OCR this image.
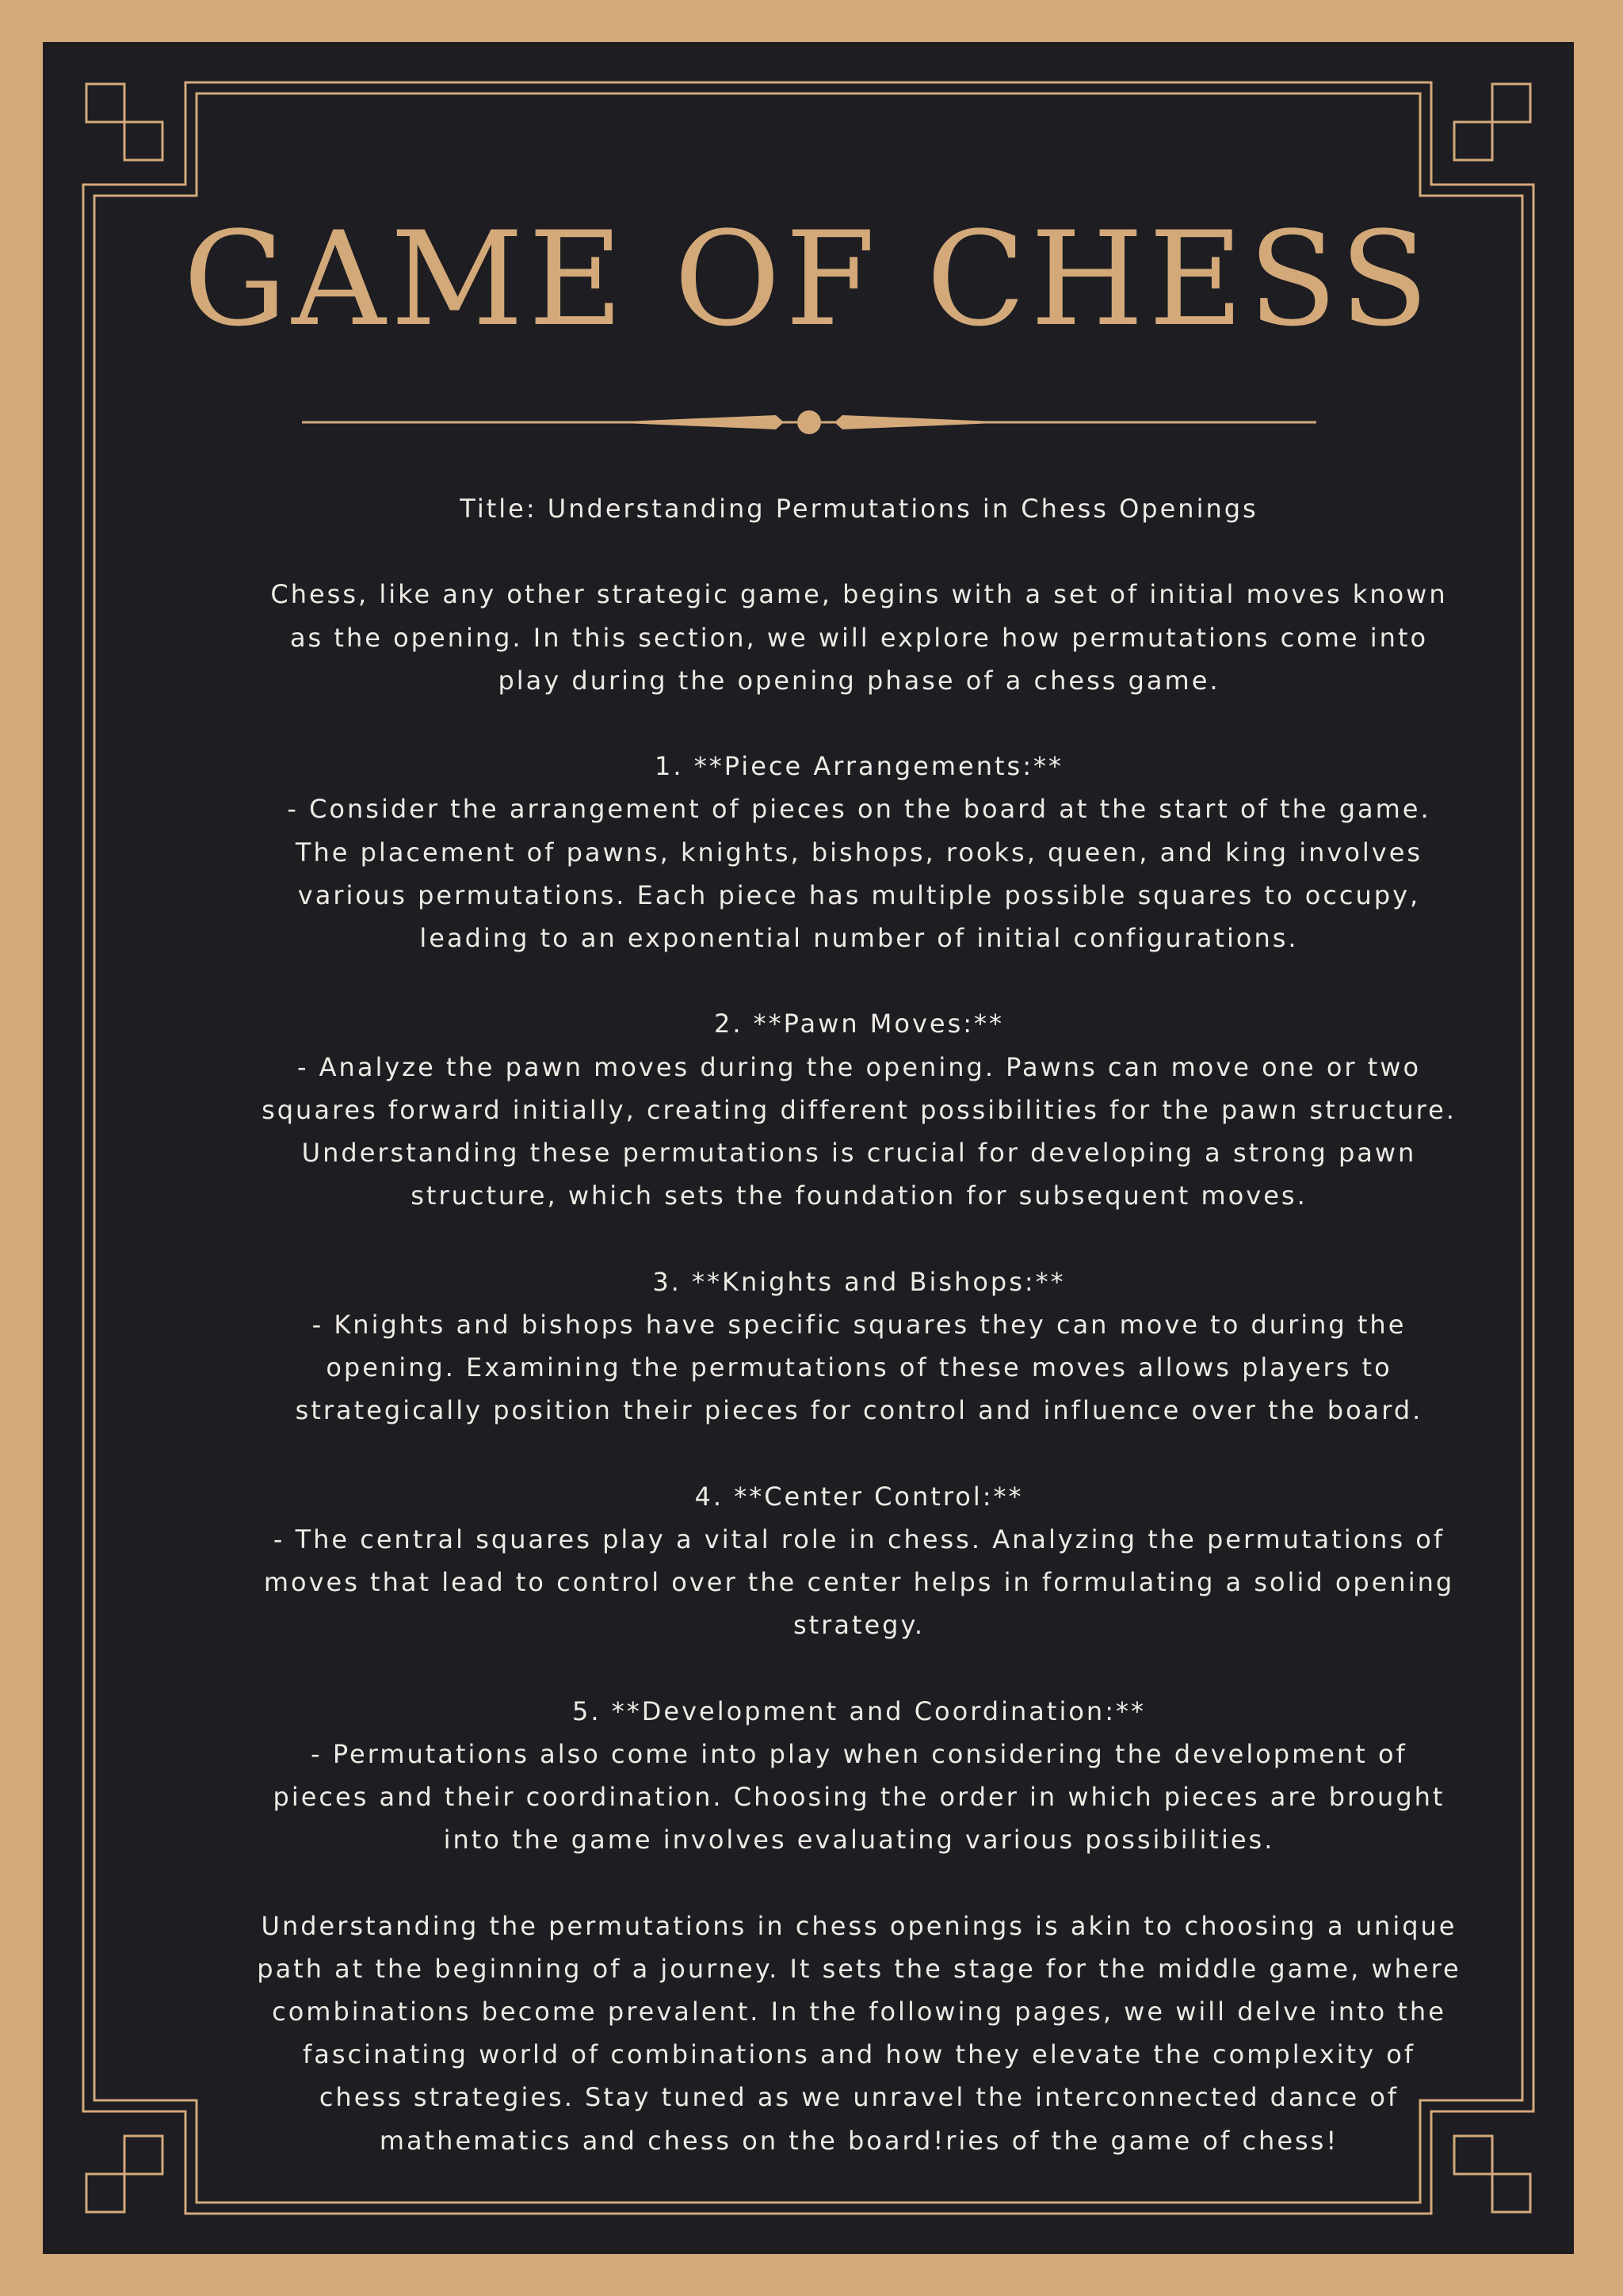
GAME OF CHESS

Title: Understanding Permutations in Chess Openings

Chess, like any other strategic game, begins with a set of initial moves known

as the opening. In this section, we will explore how permutations come into

play during the opening phase of a chess game.

1. **Piece Arrangements:**

- Consider the arrangement of pieces on the board at the start of the game.

The placement of pawns, knights, bishops, rooks, queen, and king involves

various permutations. Each piece has multiple possible squares to occupy,

leading to an exponential number of initial configurations.

2. **Pawn Moves:**

- Analyze the pawn moves during the opening. Pawns can move one or two

squares forward initially, creating different possibilities for the pawn structure.

Understanding these permutations is crucial for developing a strong pawn

structure, which sets the foundation for subsequent moves.

3. **Knights and Bishops:**

- Knights and bishops have specific squares they can move to during the

opening. Examining the permutations of these moves allows players to

strategically position their pieces for control and influence over the board.

4. **Center Control:**

- The central squares play a vital role in chess. Analyzing the permutations of

moves that lead to control over the center helps in formulating a solid opening

strategy.

5. **Development and Coordination:**

- Permutations also come into play when considering the development of

pieces and their coordination. Choosing the order in which pieces are brought

into the game involves evaluating various possibilities.

Understanding the permutations in chess openings is akin to choosing a unique

path at the beginning of a journey. It sets the stage for the middle game, where

combinations become prevalent. In the following pages, we will delve into the

fascinating world of combinations and how they elevate the complexity of

chess strategies. Stay tuned as we unravel the interconnected dance of

mathematics and chess on the board!ries of the game of chess!
